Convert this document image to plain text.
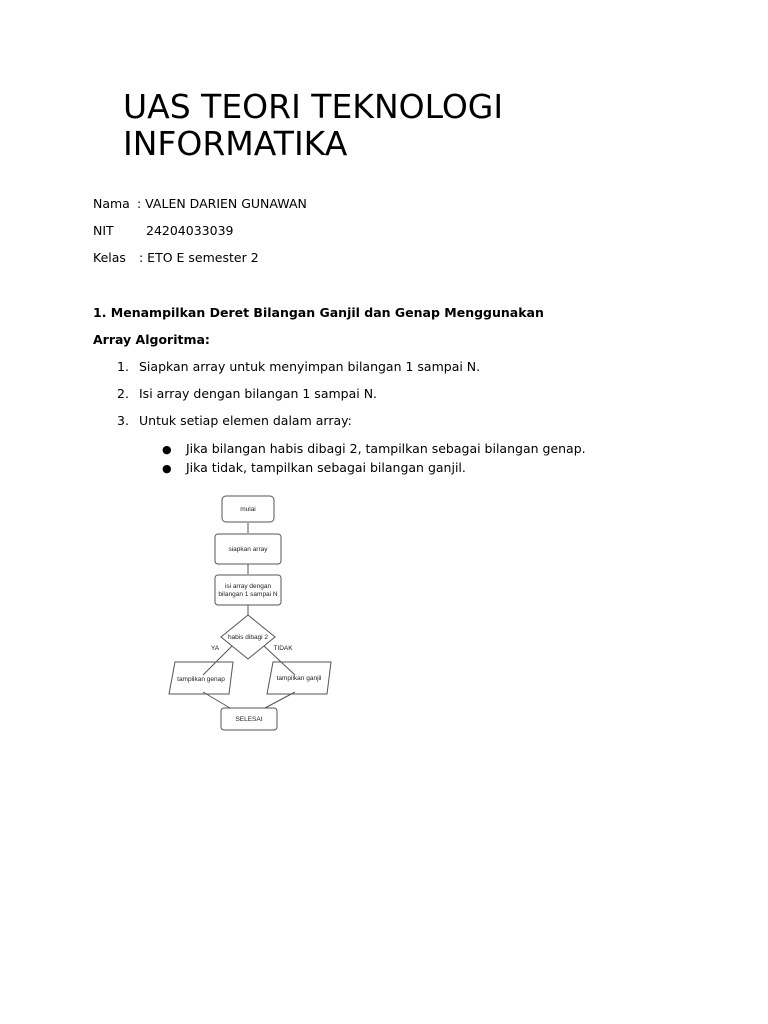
UAS TEORI TEKNOLOGI
INFORMATIKA
Nama : VALEN DARIEN GUNAWAN
NIT	24204033039
Kelas : ETO E semester 2
1. Menampilkan Deret Bilangan Ganjil dan Genap Menggunakan
Array Algoritma:
1. Siapkan array untuk menyimpan bilangan 1 sampai N.
2. Isi array dengan bilangan 1 sampai N.
3. Untuk setiap elemen dalam array:
● Jika bilangan habis dibagi 2, tampilkan sebagai bilangan genap.
● Jika tidak, tampilkan sebagai bilangan ganjil.
mulai
siapkan array
isi array dengan
bilangan 1 sampai N
habis dibagi 2
YA	TIDAK
tampilkan genap	tampilkan ganjil
SELESAI
